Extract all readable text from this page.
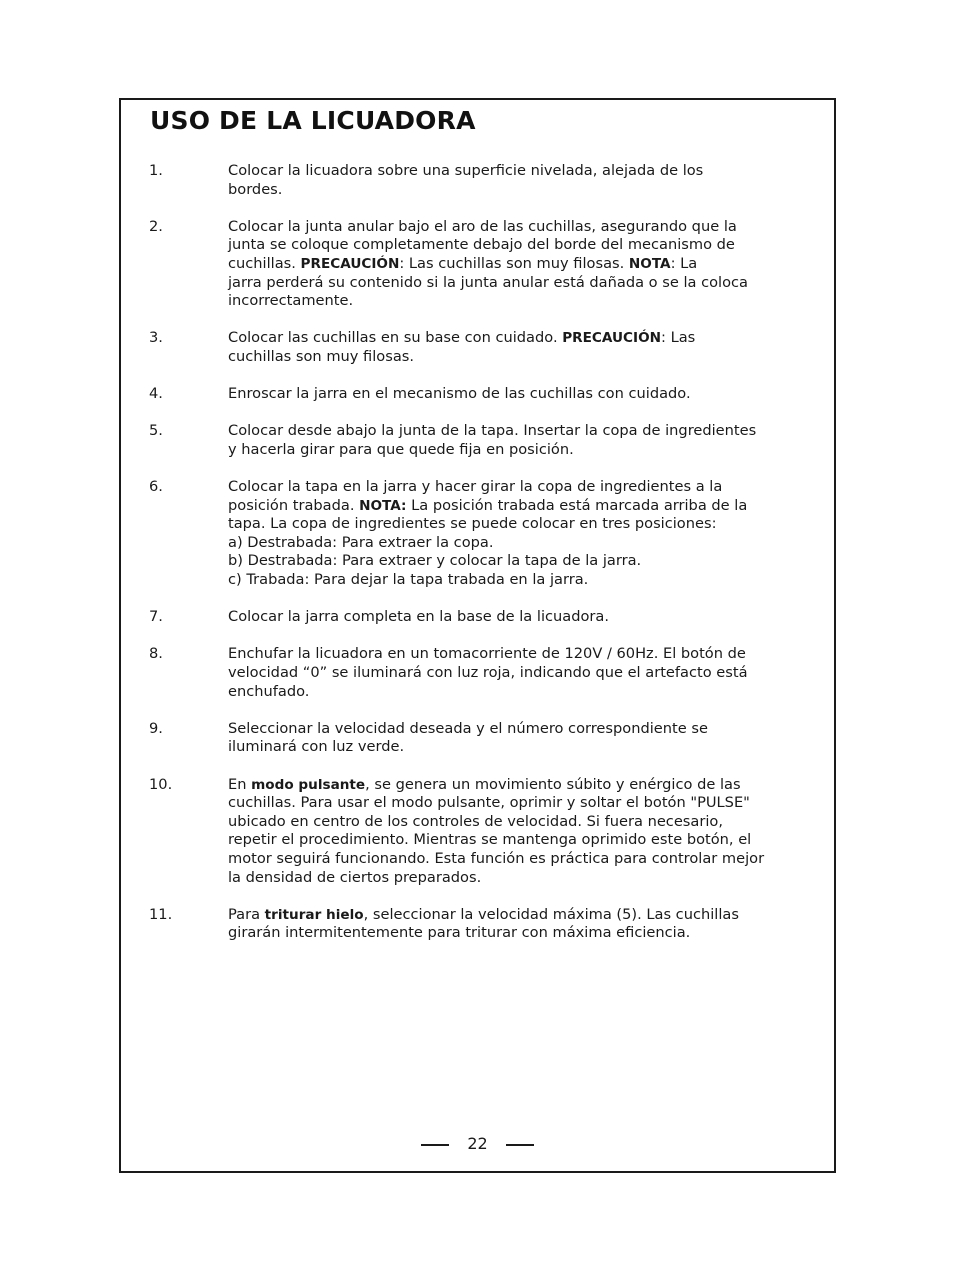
USO DE LA LICUADORA
1.	Colocar la licuadora sobre una superficie nivelada, alejada de los
bordes.
2.	Colocar la junta anular bajo el aro de las cuchillas, asegurando que la
junta se coloque completamente debajo del borde del mecanismo de
cuchillas. PRECAUCIÓN: Las cuchillas son muy filosas. NOTA: La
jarra perderá su contenido si la junta anular está dañada o se la coloca
incorrectamente.
3.	Colocar las cuchillas en su base con cuidado. PRECAUCIÓN: Las
cuchillas son muy filosas.
4.	Enroscar la jarra en el mecanismo de las cuchillas con cuidado.
5.	Colocar desde abajo la junta de la tapa. Insertar la copa de ingredientes
y hacerla girar para que quede fija en posición.
6.	Colocar la tapa en la jarra y hacer girar la copa de ingredientes a la
posición trabada. NOTA: La posición trabada está marcada arriba de la
tapa. La copa de ingredientes se puede colocar en tres posiciones:
a) Destrabada: Para extraer la copa.
b) Destrabada: Para extraer y colocar la tapa de la jarra.
c) Trabada: Para dejar la tapa trabada en la jarra.
7.	Colocar la jarra completa en la base de la licuadora.
8.	Enchufar la licuadora en un tomacorriente de 120V / 60Hz. El botón de
velocidad “0” se iluminará con luz roja, indicando que el artefacto está
enchufado.
9.	Seleccionar la velocidad deseada y el número correspondiente se
iluminará con luz verde.
10.	En modo pulsante, se genera un movimiento súbito y enérgico de las
cuchillas. Para usar el modo pulsante, oprimir y soltar el botón "PULSE"
ubicado en centro de los controles de velocidad. Si fuera necesario,
repetir el procedimiento. Mientras se mantenga oprimido este botón, el
motor seguirá funcionando. Esta función es práctica para controlar mejor
la densidad de ciertos preparados.
11.	Para triturar hielo, seleccionar la velocidad máxima (5). Las cuchillas
girarán intermitentemente para triturar con máxima eficiencia.
22
